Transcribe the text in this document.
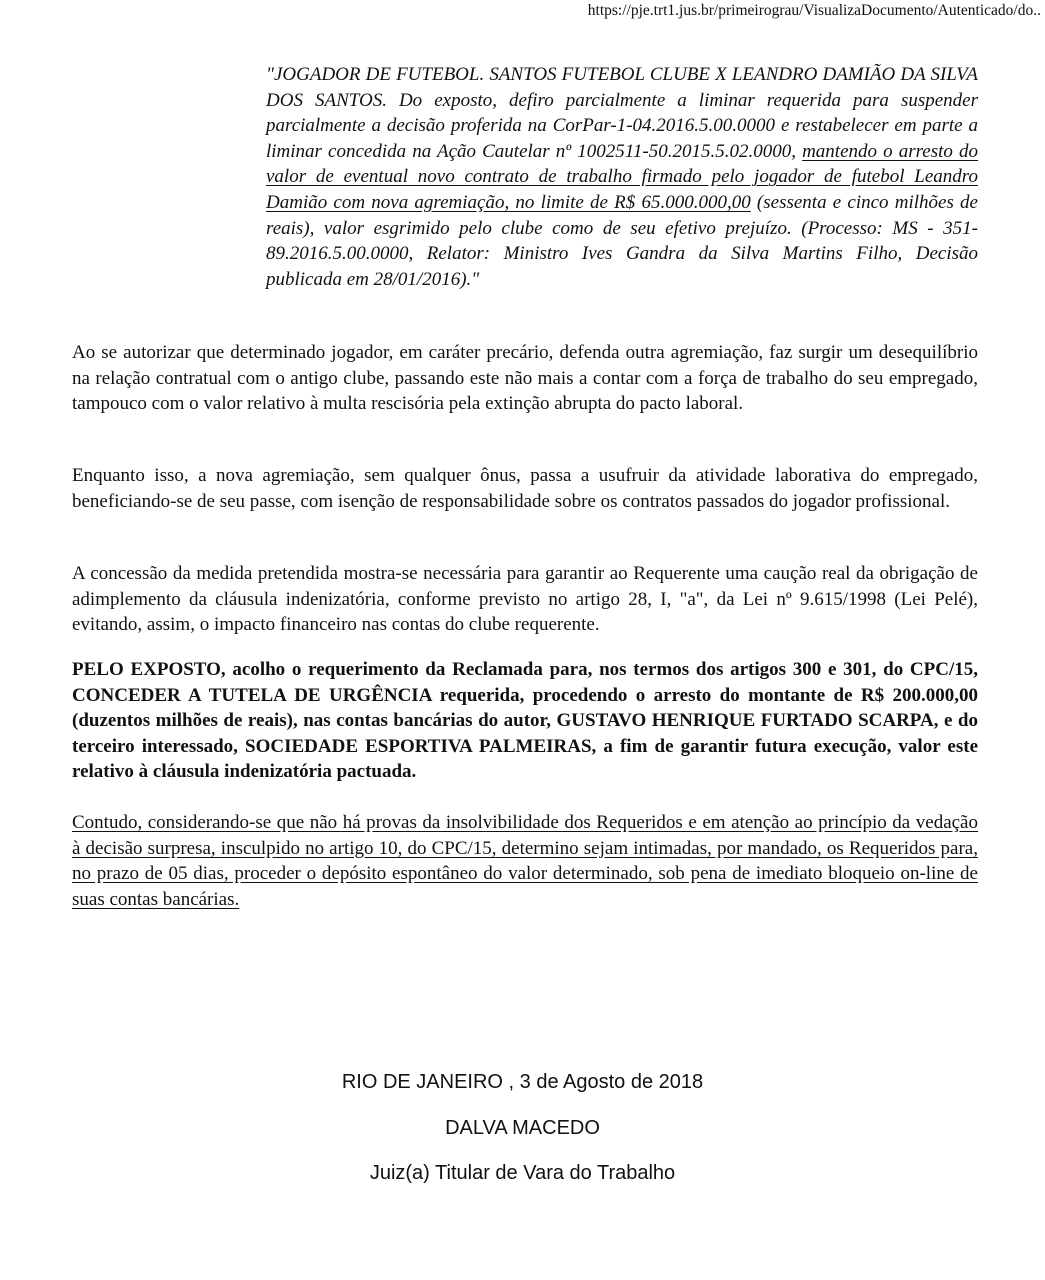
https://pje.trt1.jus.br/primeirograu/VisualizaDocumento/Autenticado/do..
"JOGADOR DE FUTEBOL. SANTOS FUTEBOL CLUBE X LEANDRO DAMIÃO DA SILVA DOS SANTOS. Do exposto, defiro parcialmente a liminar requerida para suspender parcialmente a decisão proferida na CorPar-1-04.2016.5.00.0000 e restabelecer em parte a liminar concedida na Ação Cautelar nº 1002511-50.2015.5.02.0000, mantendo o arresto do valor de eventual novo contrato de trabalho firmado pelo jogador de futebol Leandro Damião com nova agremiação, no limite de R$ 65.000.000,00 (sessenta e cinco milhões de reais), valor esgrimido pelo clube como de seu efetivo prejuízo. (Processo: MS - 351-89.2016.5.00.0000, Relator: Ministro Ives Gandra da Silva Martins Filho, Decisão publicada em 28/01/2016)."
Ao se autorizar que determinado jogador, em caráter precário, defenda outra agremiação, faz surgir um desequilíbrio na relação contratual com o antigo clube, passando este não mais a contar com a força de trabalho do seu empregado, tampouco com o valor relativo à multa rescisória pela extinção abrupta do pacto laboral.
Enquanto isso, a nova agremiação, sem qualquer ônus, passa a usufruir da atividade laborativa do empregado, beneficiando-se de seu passe, com isenção de responsabilidade sobre os contratos passados do jogador profissional.
A concessão da medida pretendida mostra-se necessária para garantir ao Requerente uma caução real da obrigação de adimplemento da cláusula indenizatória, conforme previsto no artigo 28, I, "a", da Lei nº 9.615/1998 (Lei Pelé), evitando, assim, o impacto financeiro nas contas do clube requerente.
PELO EXPOSTO, acolho o requerimento da Reclamada para, nos termos dos artigos 300 e 301, do CPC/15, CONCEDER A TUTELA DE URGÊNCIA requerida, procedendo o arresto do montante de R$ 200.000,00 (duzentos milhões de reais), nas contas bancárias do autor, GUSTAVO HENRIQUE FURTADO SCARPA, e do terceiro interessado, SOCIEDADE ESPORTIVA PALMEIRAS, a fim de garantir futura execução, valor este relativo à cláusula indenizatória pactuada.
Contudo, considerando-se que não há provas da insolvibilidade dos Requeridos e em atenção ao princípio da vedação à decisão surpresa, insculpido no artigo 10, do CPC/15, determino sejam intimadas, por mandado, os Requeridos para, no prazo de 05 dias, proceder o depósito espontâneo do valor determinado, sob pena de imediato bloqueio on-line de suas contas bancárias.
RIO DE JANEIRO , 3 de Agosto de 2018
DALVA MACEDO
Juiz(a) Titular de Vara do Trabalho
